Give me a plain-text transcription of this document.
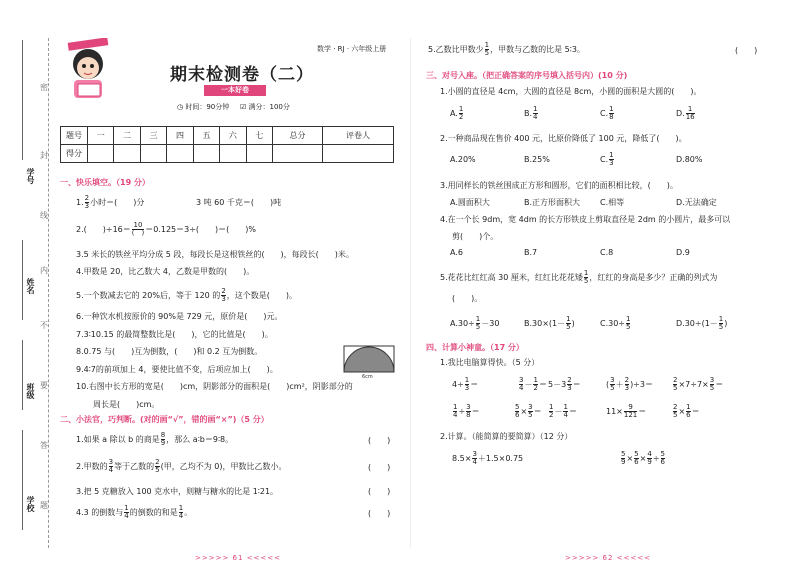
学号
姓名
班级
学校
密
封
线
内
不
要
答
题
数学 · RJ · 六年级上册
期末检测卷（二）
一本好卷
◷ 时间：90分钟 ☑ 满分：100分
题号	一	二	三	四	五	六	七	总分	评卷人
得分									
一、快乐填空。（19 分）
1. $\frac{2}{3}$ 小时＝(　　)分	3 吨 60 千克＝(　　)吨
2.(　　)$\div 16= \frac{10}{( )} =0.125=3\div$(　　)＝(　　)%
3.5 米长的铁丝平均分成 5 段，每段长是这根铁丝的(　　)，每段长(　　)米。
4.甲数是 20，比乙数大 4，乙数是甲数的(　　)。
5.一个数减去它的 20%后，等于 120 的 $\frac{2}{3}$ ，这个数是(　　)。
6.一种饮水机按原价的 90%是 729 元，原价是(　　)元。
7.3∶10.15 的最简整数比是(　　)，它的比值是(　　)。
8.0.75 与(　　)互为倒数，(　　)和 0.2 互为倒数。
9.4∶7的前项加上 4，要使比值不变，后项应加上(　　)。
10.右图中长方形的宽是(　　)cm，阴影部分的面积是(　　)cm²，阴影部分的
周长是(　　)cm。
6cm
二、小法官，巧判断。(对的画“√”，错的画“×”)（5 分）
1.如果 a 除以 b 的商是 $\frac{8}{9}$ ，那么 a∶b＝9∶8。	(　　)
2.甲数的 $\frac{3}{4}$ 等于乙数的 $\frac{2}{5}$ (甲，乙均不为 0)，甲数比乙数小。	(　　)
3.把 5 克糖放入 100 克水中，则糖与糖水的比是 1∶21。	(　　)
4.3 的倒数与 $\frac{1}{4}$ 的倒数的和是 $\frac{1}{4}$ 。	(　　)
>>>>> 61 <<<<<
5.乙数比甲数少 $\frac{1}{5}$ ，甲数与乙数的比是 5∶3。	(　　)
三、对号入座。（把正确答案的序号填入括号内）(10 分)
1.小圆的直径是 4cm，大圆的直径是 8cm，小圆的面积是大圆的(　　)。
A. $\frac{1}{2}$	B. $\frac{1}{4}$	C. $\frac{1}{8}$	D. $\frac{1}{16}$
2.一种商品现在售价 400 元，比原价降低了 100 元，降低了(　　)。
A.20%	B.25%	C. $\frac{1}{3}$	D.80%
3.用同样长的铁丝围成正方形和圆形，它们的面积相比较，(　　)。
A.圆面积大	B.正方形面积大 C.相等	D.无法确定
4.在一个长 9dm，宽 4dm 的长方形铁皮上剪取直径是 2dm 的小圆片，最多可以
剪(　　)个。
A.6	B.7	C.8	D.9
5.花花比红红高 30 厘米，红红比花花矮 $\frac{1}{5}$ ，红红的身高是多少？正确的列式为
(　　)。
$A.30\div \frac{1}{5} -30$	$B.30\times(1- \frac{1}{5}$ )	$C.30\div \frac{1}{5}$	$D.30\div(1- \frac{1}{5}$ )
四、计算小神童。（17 分）
1.我比电脑算得快。（5 分）
$4\div \frac{1}{3}$ ＝	$\frac{3}{4} - \frac{1}{2} = 5-3 \frac{2}{3}$ ＝	( $\frac{3}{5} + \frac{2}{3} )\div 3=$	$\frac{2}{5} \times 7\div 7\times \frac{3}{5}$ ＝
$\frac{1}{4} \div \frac{3}{8}$ ＝	$\frac{5}{6} \times \frac{3}{5} = \frac{1}{2} - \frac{1}{4}$ ＝	$11\times \frac{9}{121}$ ＝	$\frac{2}{5} \times \frac{1}{6}$ ＝
2.计算。（能简算的要简算）（12 分）
$8.5\times \frac{3}{4} +1.5\times 0.75$	$\frac{5}{9} \times \frac{5}{6} \times \frac{4}{9} \div \frac{5}{6}$
>>>>> 62 <<<<<
